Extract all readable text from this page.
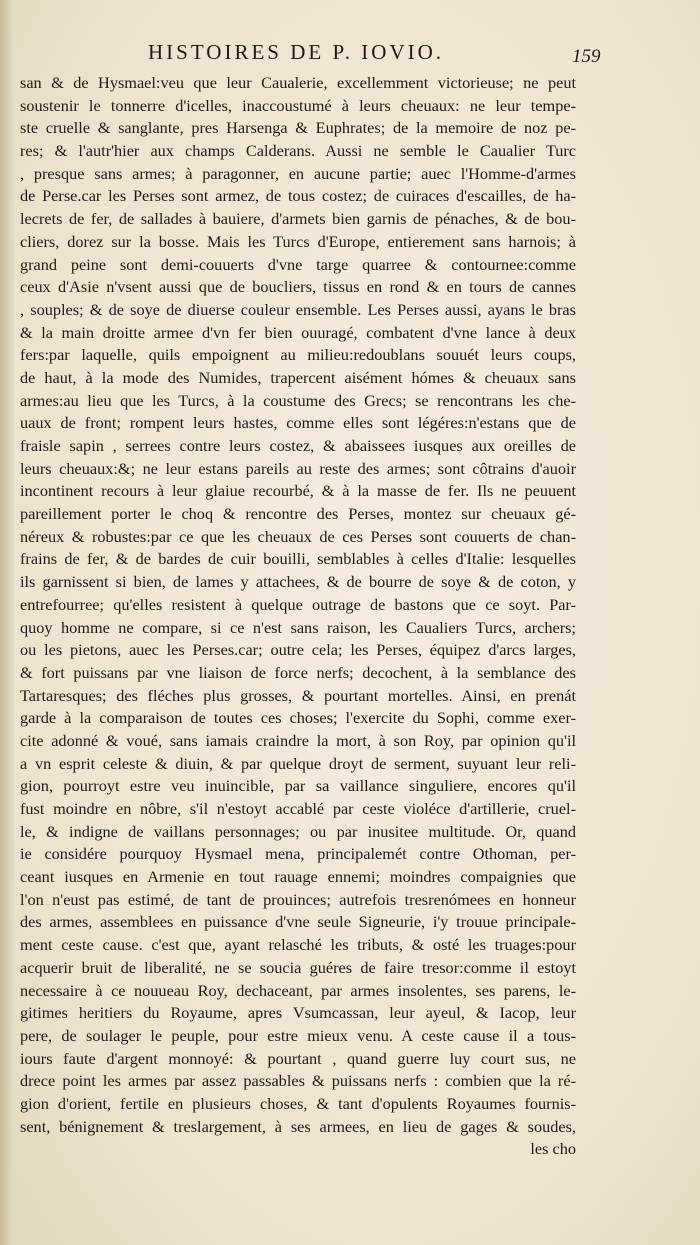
HISTOIRES DE P. IOVIO.	159
san & de Hysmael:veu que leur Caualerie, excellemment victorieuse; ne peut
soustenir le tonnerre d'icelles, inaccoustumé à leurs cheuaux: ne leur tempe-
ste cruelle & sanglante, pres Harsenga & Euphrates; de la memoire de noz pe-
res; & l'autr'hier aux champs Calderans. Aussi ne semble le Caualier Turc
, presque sans armes; à paragonner, en aucune partie; auec l'Homme-d'armes
de Perse.car les Perses sont armez, de tous costez; de cuiraces d'escailles, de ha-
lecrets de fer, de sallades à bauiere, d'armets bien garnis de pénaches, & de bou-
cliers, dorez sur la bosse. Mais les Turcs d'Europe, entierement sans harnois; à
grand peine sont demi-couuerts d'vne targe quarree & contournee:comme
ceux d'Asie n'vsent aussi que de boucliers, tissus en rond & en tours de cannes
, souples; & de soye de diuerse couleur ensemble. Les Perses aussi, ayans le bras
& la main droitte armee d'vn fer bien ouuragé, combatent d'vne lance à deux
fers:par laquelle, quils empoignent au milieu:redoublans souuét leurs coups,
de haut, à la mode des Numides, trapercent aisément hómes & cheuaux sans
armes:au lieu que les Turcs, à la coustume des Grecs; se rencontrans les che-
uaux de front; rompent leurs hastes, comme elles sont légéres:n'estans que de
fraisle sapin , serrees contre leurs costez, & abaissees iusques aux oreilles de
leurs cheuaux:&; ne leur estans pareils au reste des armes; sont côtrains d'auoir
incontinent recours à leur glaiue recourbé, & à la masse de fer. Ils ne peuuent
pareillement porter le choq & rencontre des Perses, montez sur cheuaux gé-
néreux & robustes:par ce que les cheuaux de ces Perses sont couuerts de chan-
frains de fer, & de bardes de cuir bouilli, semblables à celles d'Italie: lesquelles
ils garnissent si bien, de lames y attachees, & de bourre de soye & de coton, y
entrefourree; qu'elles resistent à quelque outrage de bastons que ce soyt. Par-
quoy homme ne compare, si ce n'est sans raison, les Caualiers Turcs, archers;
ou les pietons, auec les Perses.car; outre cela; les Perses, équipez d'arcs larges,
& fort puissans par vne liaison de force nerfs; decochent, à la semblance des
Tartaresques; des fléches plus grosses, & pourtant mortelles. Ainsi, en prenát
garde à la comparaison de toutes ces choses; l'exercite du Sophi, comme exer-
cite adonné & voué, sans iamais craindre la mort, à son Roy, par opinion qu'il
a vn esprit celeste & diuin, & par quelque droyt de serment, suyuant leur reli-
gion, pourroyt estre veu inuincible, par sa vaillance singuliere, encores qu'il
fust moindre en nôbre, s'il n'estoyt accablé par ceste violéce d'artillerie, cruel-
le, & indigne de vaillans personnages; ou par inusitee multitude. Or, quand
ie considére pourquoy Hysmael mena, principalemét contre Othoman, per-
ceant iusques en Armenie en tout rauage ennemi; moindres compaignies que
l'on n'eust pas estimé, de tant de prouinces; autrefois tresrenómees en honneur
des armes, assemblees en puissance d'vne seule Signeurie, i'y trouue principale-
ment ceste cause. c'est que, ayant relasché les tributs, & osté les truages:pour
acquerir bruit de liberalité, ne se soucia guéres de faire tresor:comme il estoyt
necessaire à ce nouueau Roy, dechaceant, par armes insolentes, ses parens, le-
gitimes heritiers du Royaume, apres Vsumcassan, leur ayeul, & Iacop, leur
pere, de soulager le peuple, pour estre mieux venu. A ceste cause il a tous-
iours faute d'argent monnoyé: & pourtant , quand guerre luy court sus, ne
drece point les armes par assez passables & puissans nerfs : combien que la ré-
gion d'orient, fertile en plusieurs choses, & tant d'opulents Royaumes fournis-
sent, bénignement & treslargement, à ses armees, en lieu de gages & soudes,
les cho
